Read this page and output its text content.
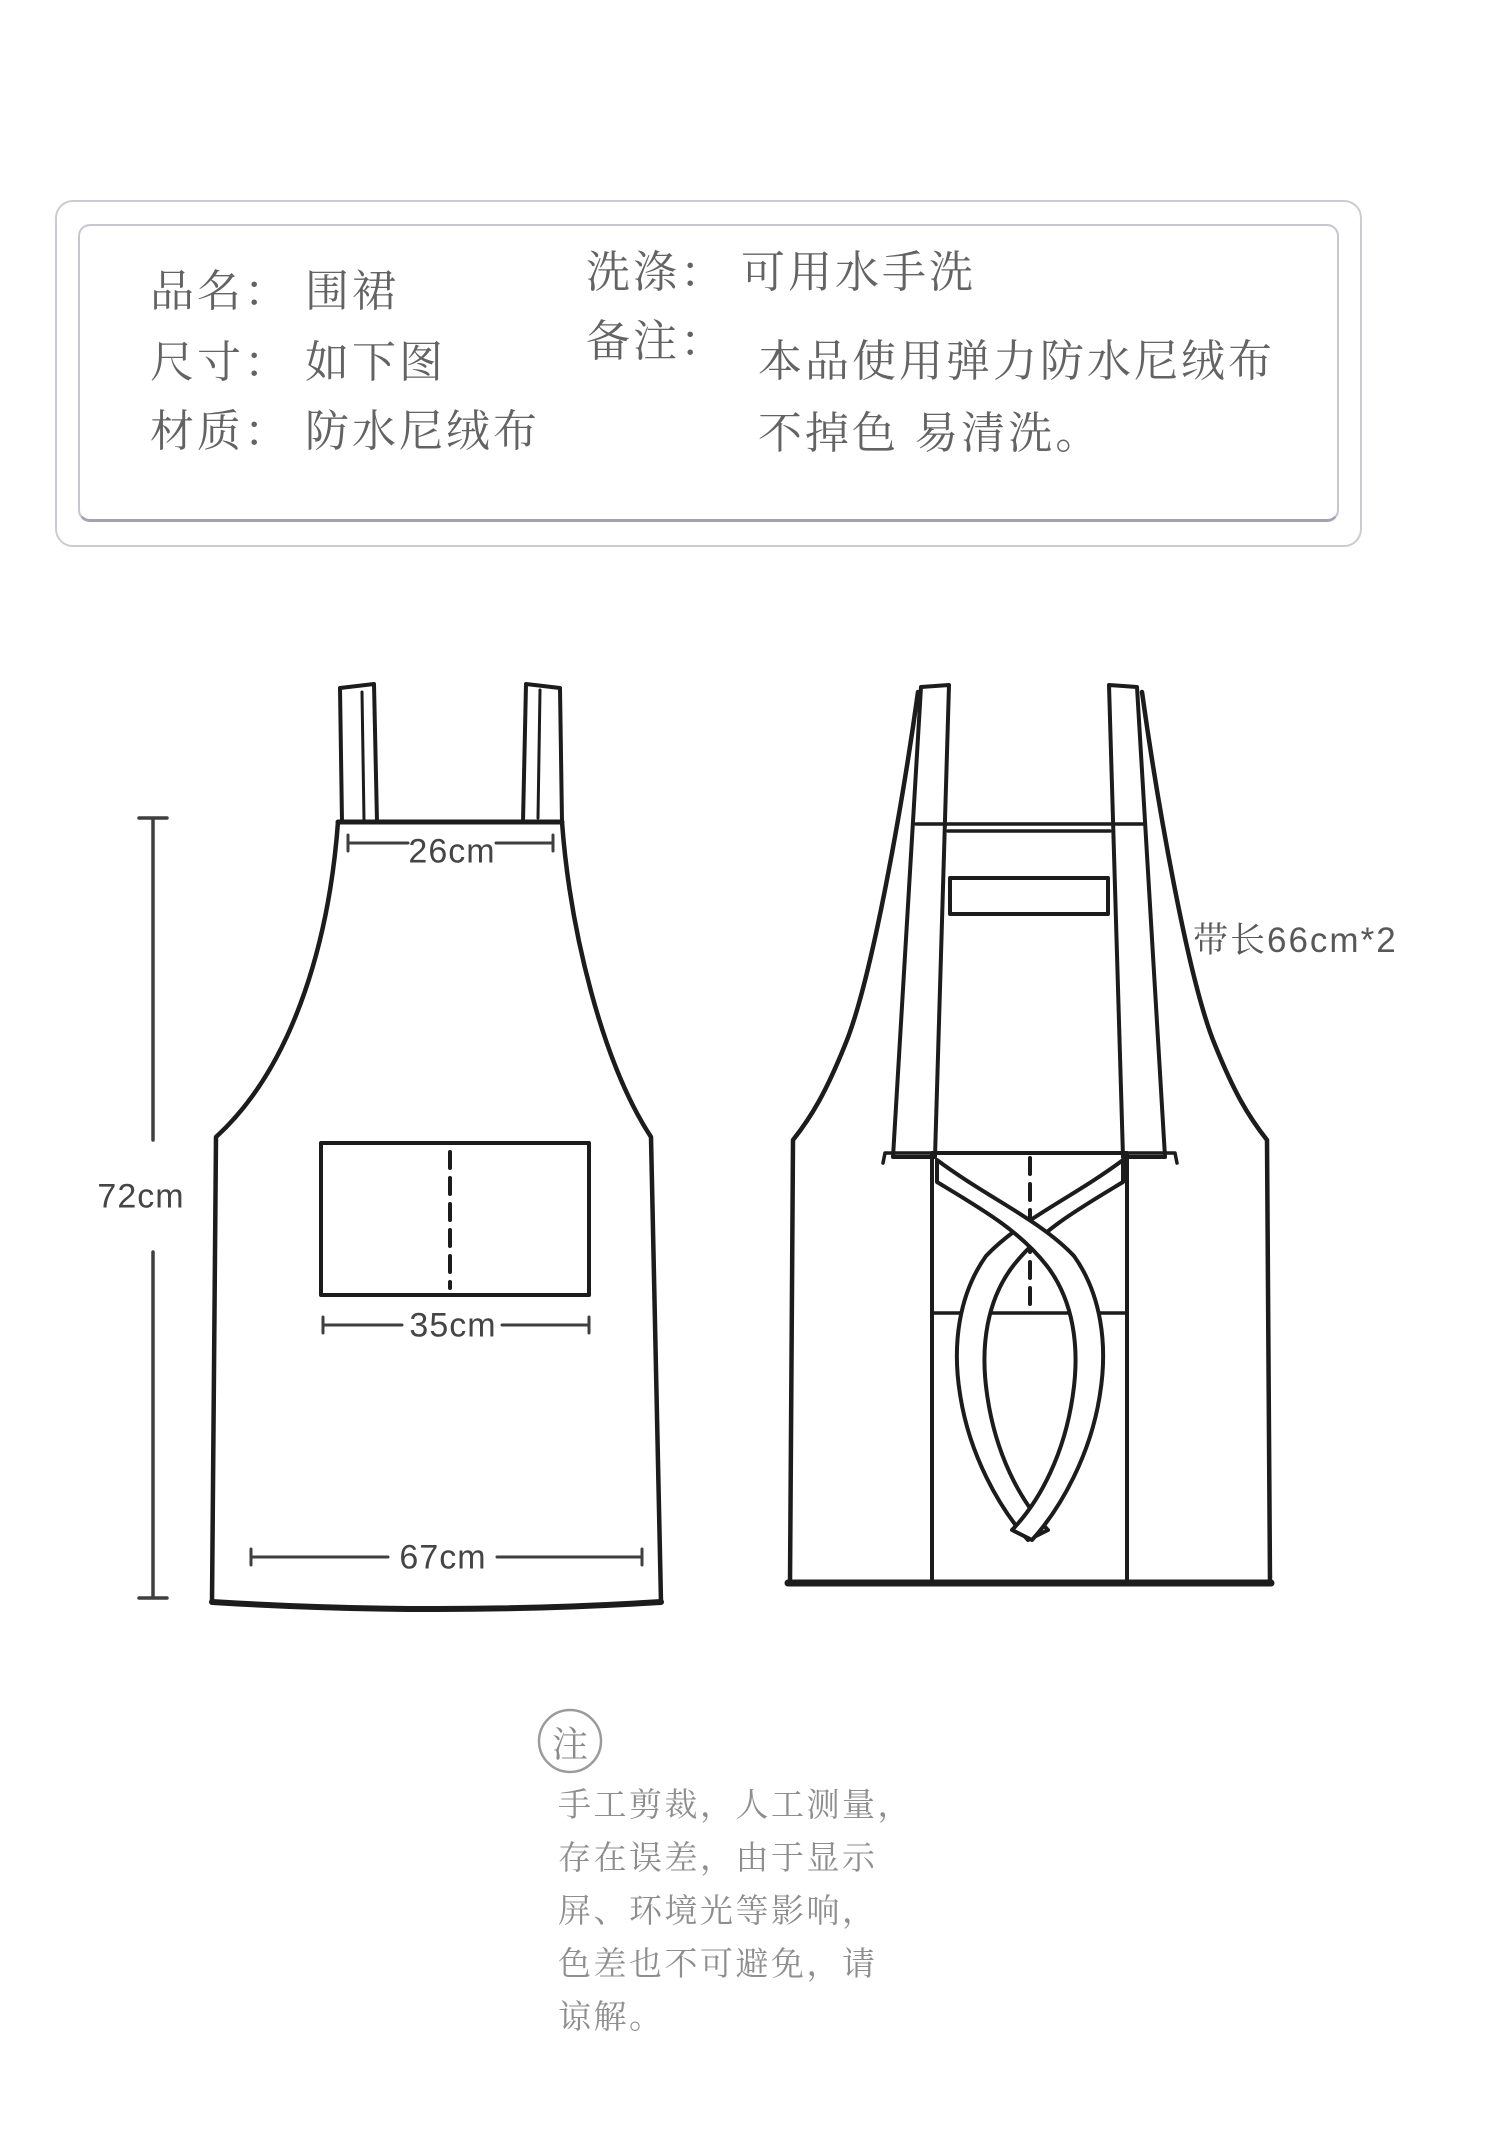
品名： 围裙
尺寸： 如下图
材质： 防水尼绒布
洗涤： 可用水手洗
备注： 本品使用弹力防水尼绒布
不掉色 易清洗。
26cm
72cm
35cm
67cm
带长66cm*2
注
手工剪裁，人工测量，
存在误差，由于显示
屏、环境光等影响，
色差也不可避免，请
谅解。
